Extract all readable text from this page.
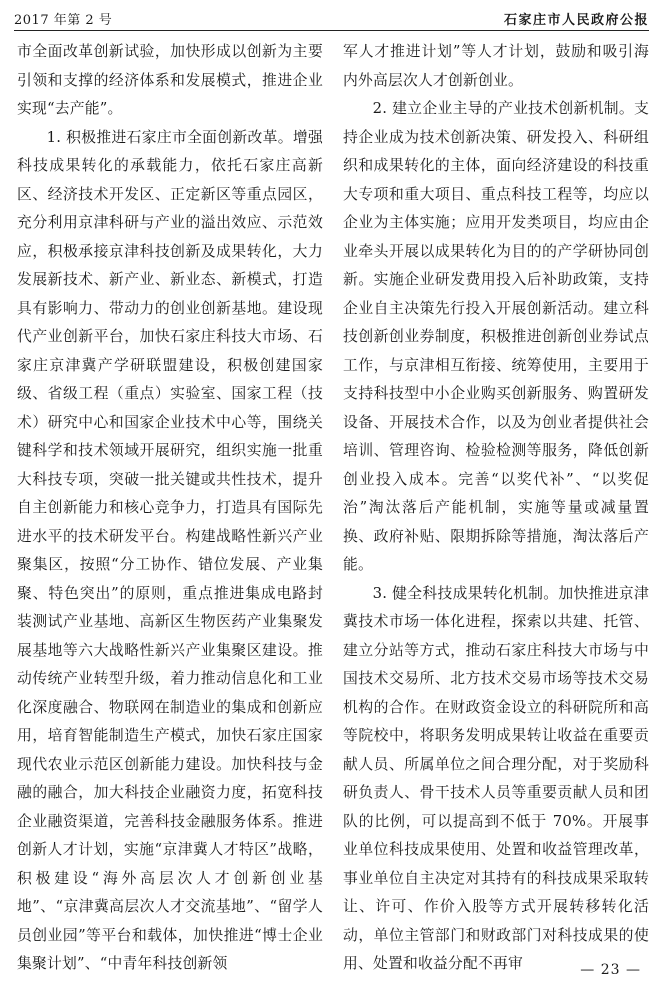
2017 年第 2 号	石家庄市人民政府公报

市全面改革创新试验，加快形成以创新为主要引领和支撑的经济体系和发展模式，推进企业实现“去产能”。

1. 积极推进石家庄市全面创新改革。增强科技成果转化的承载能力，依托石家庄高新区、经济技术开发区、正定新区等重点园区，充分利用京津科研与产业的溢出效应、示范效应，积极承接京津科技创新及成果转化，大力发展新技术、新产业、新业态、新模式，打造具有影响力、带动力的创业创新基地。建设现代产业创新平台，加快石家庄科技大市场、石家庄京津冀产学研联盟建设，积极创建国家级、省级工程（重点）实验室、国家工程（技术）研究中心和国家企业技术中心等，围绕关键科学和技术领域开展研究，组织实施一批重大科技专项，突破一批关键或共性技术，提升自主创新能力和核心竞争力，打造具有国际先进水平的技术研发平台。构建战略性新兴产业聚集区，按照“分工协作、错位发展、产业集聚、特色突出”的原则，重点推进集成电路封装测试产业基地、高新区生物医药产业集聚发展基地等六大战略性新兴产业集聚区建设。推动传统产业转型升级，着力推动信息化和工业化深度融合、物联网在制造业的集成和创新应用，培育智能制造生产模式，加快石家庄国家现代农业示范区创新能力建设。加快科技与金融的融合，加大科技企业融资力度，拓宽科技企业融资渠道，完善科技金融服务体系。推进创新人才计划，实施“京津冀人才特区”战略，积极建设“海外高层次人才创新创业基地”、“京津冀高层次人才交流基地”、“留学人员创业园”等平台和载体，加快推进“博士企业集聚计划”、“中青年科技创新领

军人才推进计划”等人才计划，鼓励和吸引海内外高层次人才创新创业。

2. 建立企业主导的产业技术创新机制。支持企业成为技术创新决策、研发投入、科研组织和成果转化的主体，面向经济建设的科技重大专项和重大项目、重点科技工程等，均应以企业为主体实施；应用开发类项目，均应由企业牵头开展以成果转化为目的的产学研协同创新。实施企业研发费用投入后补助政策，支持企业自主决策先行投入开展创新活动。建立科技创新创业券制度，积极推进创新创业券试点工作，与京津相互衔接、统筹使用，主要用于支持科技型中小企业购买创新服务、购置研发设备、开展技术合作，以及为创业者提供社会培训、管理咨询、检验检测等服务，降低创新创业投入成本。完善“以奖代补”、“以奖促治”淘汰落后产能机制，实施等量或减量置换、政府补贴、限期拆除等措施，淘汰落后产能。

3. 健全科技成果转化机制。加快推进京津冀技术市场一体化进程，探索以共建、托管、建立分站等方式，推动石家庄科技大市场与中国技术交易所、北方技术交易市场等技术交易机构的合作。在财政资金设立的科研院所和高等院校中，将职务发明成果转让收益在重要贡献人员、所属单位之间合理分配，对于奖励科研负责人、骨干技术人员等重要贡献人员和团队的比例，可以提高到不低于 70%。开展事业单位科技成果使用、处置和收益管理改革，事业单位自主决定对其持有的科技成果采取转让、许可、作价入股等方式开展转移转化活动，单位主管部门和财政部门对科技成果的使用、处置和收益分配不再审	— 23 —
